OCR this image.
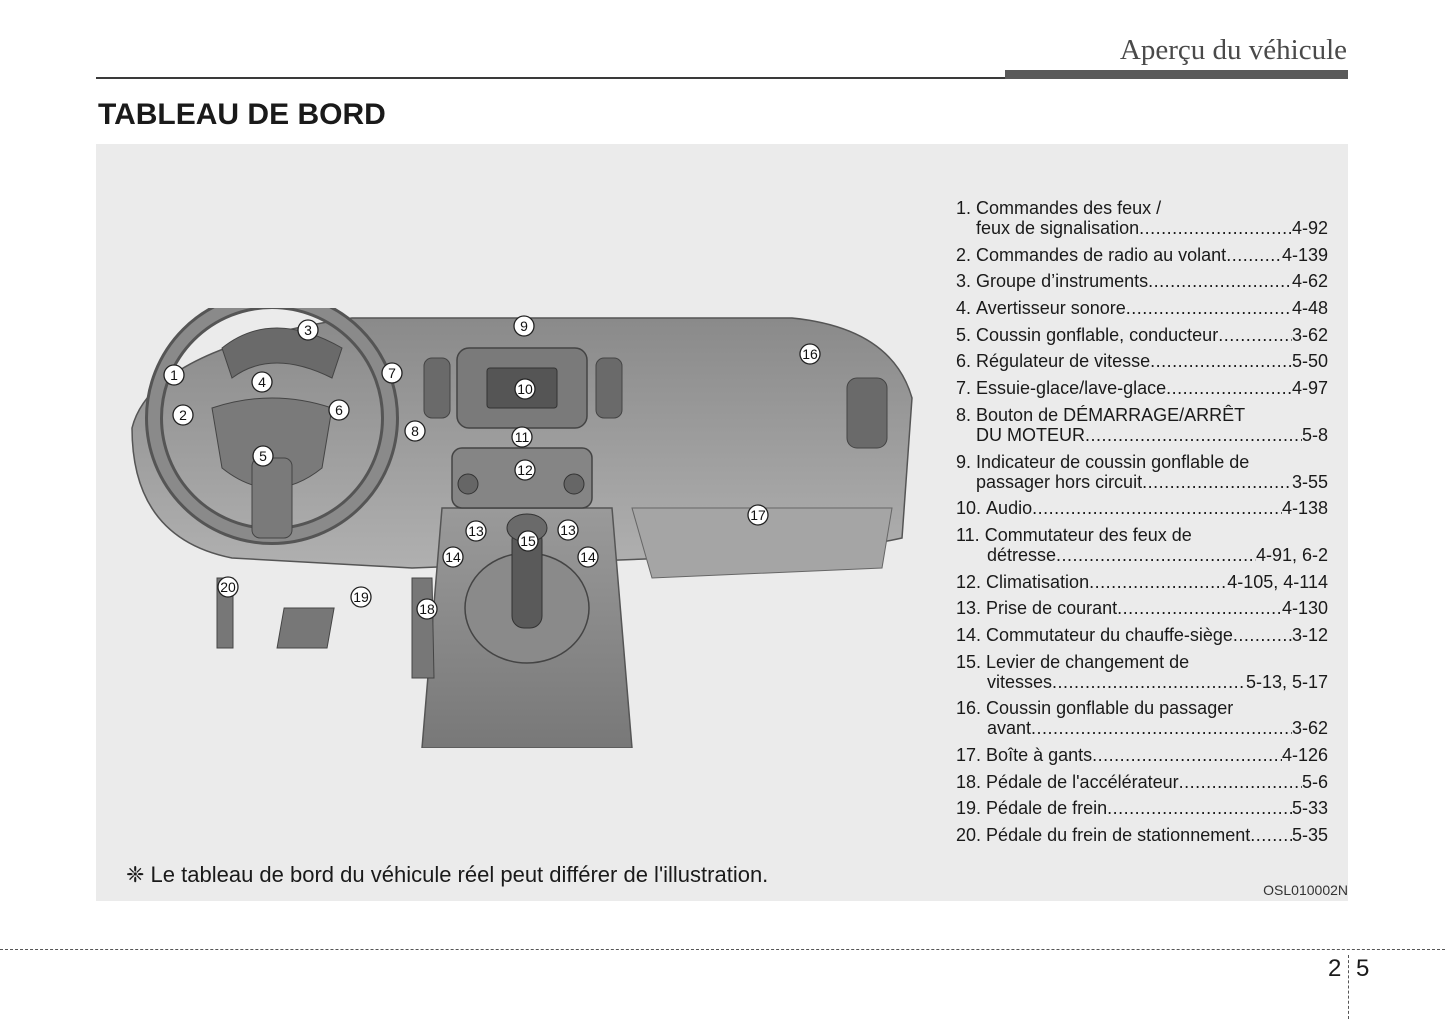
Aperçu du véhicule
TABLEAU DE BORD
1
2
3
4
5
6
7
8
9
10
11
12
13	13
14	14
15
16
17
18
19
20
1.
Commandes des feux /
feux de signalisation .....	4-92
2.
Commandes de radio au volant .....	4-139
3.
Groupe d’instruments .....	4-62
4.
Avertisseur sonore .....	4-48
5.
Coussin gonflable, conducteur .....	3-62
6.
Régulateur de vitesse .....	5-50
7.
Essuie-glace/lave-glace .....	4-97
8.
Bouton de DÉMARRAGE/ARRÊT
DU MOTEUR .....	5-8
9.
Indicateur de coussin gonflable de
passager hors circuit .....	3-55
10.
Audio .....	4-138
11.
Commutateur des feux de
détresse .....	4-91, 6-2
12.
Climatisation .....	4-105, 4-114
13.
Prise de courant .....	4-130
14.
Commutateur du chauffe-siège .....	3-12
15.
Levier de changement de
vitesses .....	5-13, 5-17
16.
Coussin gonflable du passager
avant .....	3-62
17.
Boîte à gants .....	4-126
18.
Pédale de l'accélérateur .....	5-6
19.
Pédale de frein .....	5-33
20.
Pédale du frein de stationnement ..... 5-35
❈ Le tableau de bord du véhicule réel peut différer de l'illustration.
OSL010002N
2 5
